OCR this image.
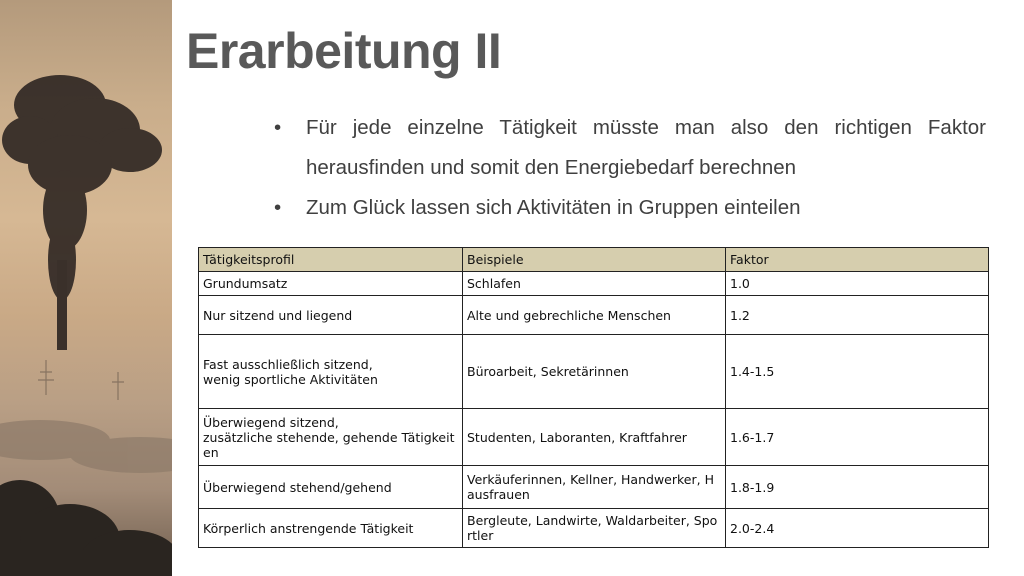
Erarbeitung II
• Für jede einzelne Tätigkeit müsste man also den richtigen Faktor herausfinden und somit den Energiebedarf berechnen
• Zum Glück lassen sich Aktivitäten in Gruppen einteilen
Tätigkeitsprofil	Beispiele	Faktor
Grundumsatz	Schlafen	1.0
Nur sitzend und liegend	Alte und gebrechliche Menschen	1.2
Fast ausschließlich sitzend,
wenig sportliche Aktivitäten	Büroarbeit, Sekretärinnen	1.4-1.5
Überwiegend sitzend,
zusätzliche stehende, gehende Tätigkeiten	Studenten, Laboranten, Kraftfahrer	1.6-1.7
Überwiegend stehend/gehend	Verkäuferinnen, Kellner, Handwerker, Hausfrauen	1.8-1.9
Körperlich anstrengende Tätigkeit	Bergleute, Landwirte, Waldarbeiter, Sportler	2.0-2.4
